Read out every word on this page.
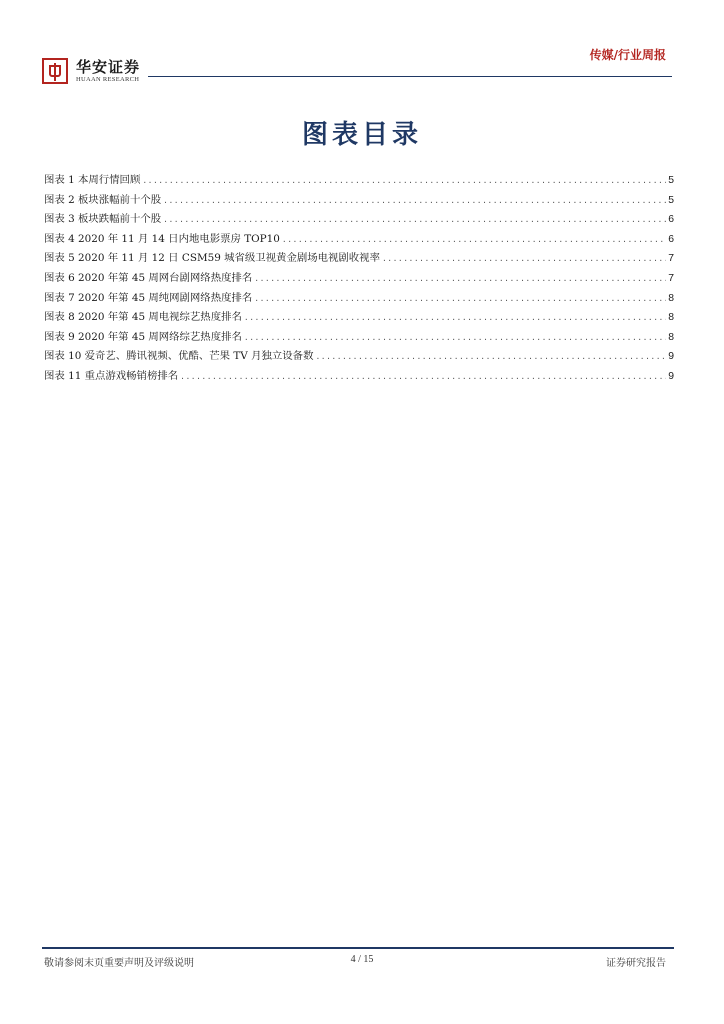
华安证券
HUAAN RESEARCH
传媒/行业周报
图表目录
图表 1 本周行情回顾 .....	5
图表 2 板块涨幅前十个股 .....	5
图表 3 板块跌幅前十个股 .....	6
图表 4 2020 年 11 月 14 日内地电影票房 TOP10 .....	6
图表 5 2020 年 11 月 12 日 CSM59 城省级卫视黄金剧场电视剧收视率 .....	7
图表 6 2020 年第 45 周网台剧网络热度排名 .....	7
图表 7 2020 年第 45 周纯网剧网络热度排名 .....	8
图表 8 2020 年第 45 周电视综艺热度排名 .....	8
图表 9 2020 年第 45 周网络综艺热度排名 .....	8
图表 10 爱奇艺、腾讯视频、优酷、芒果 TV 月独立设备数 .....	9
图表 11 重点游戏畅销榜排名 .....	9
敬请参阅末页重要声明及评级说明	4 / 15	证券研究报告
